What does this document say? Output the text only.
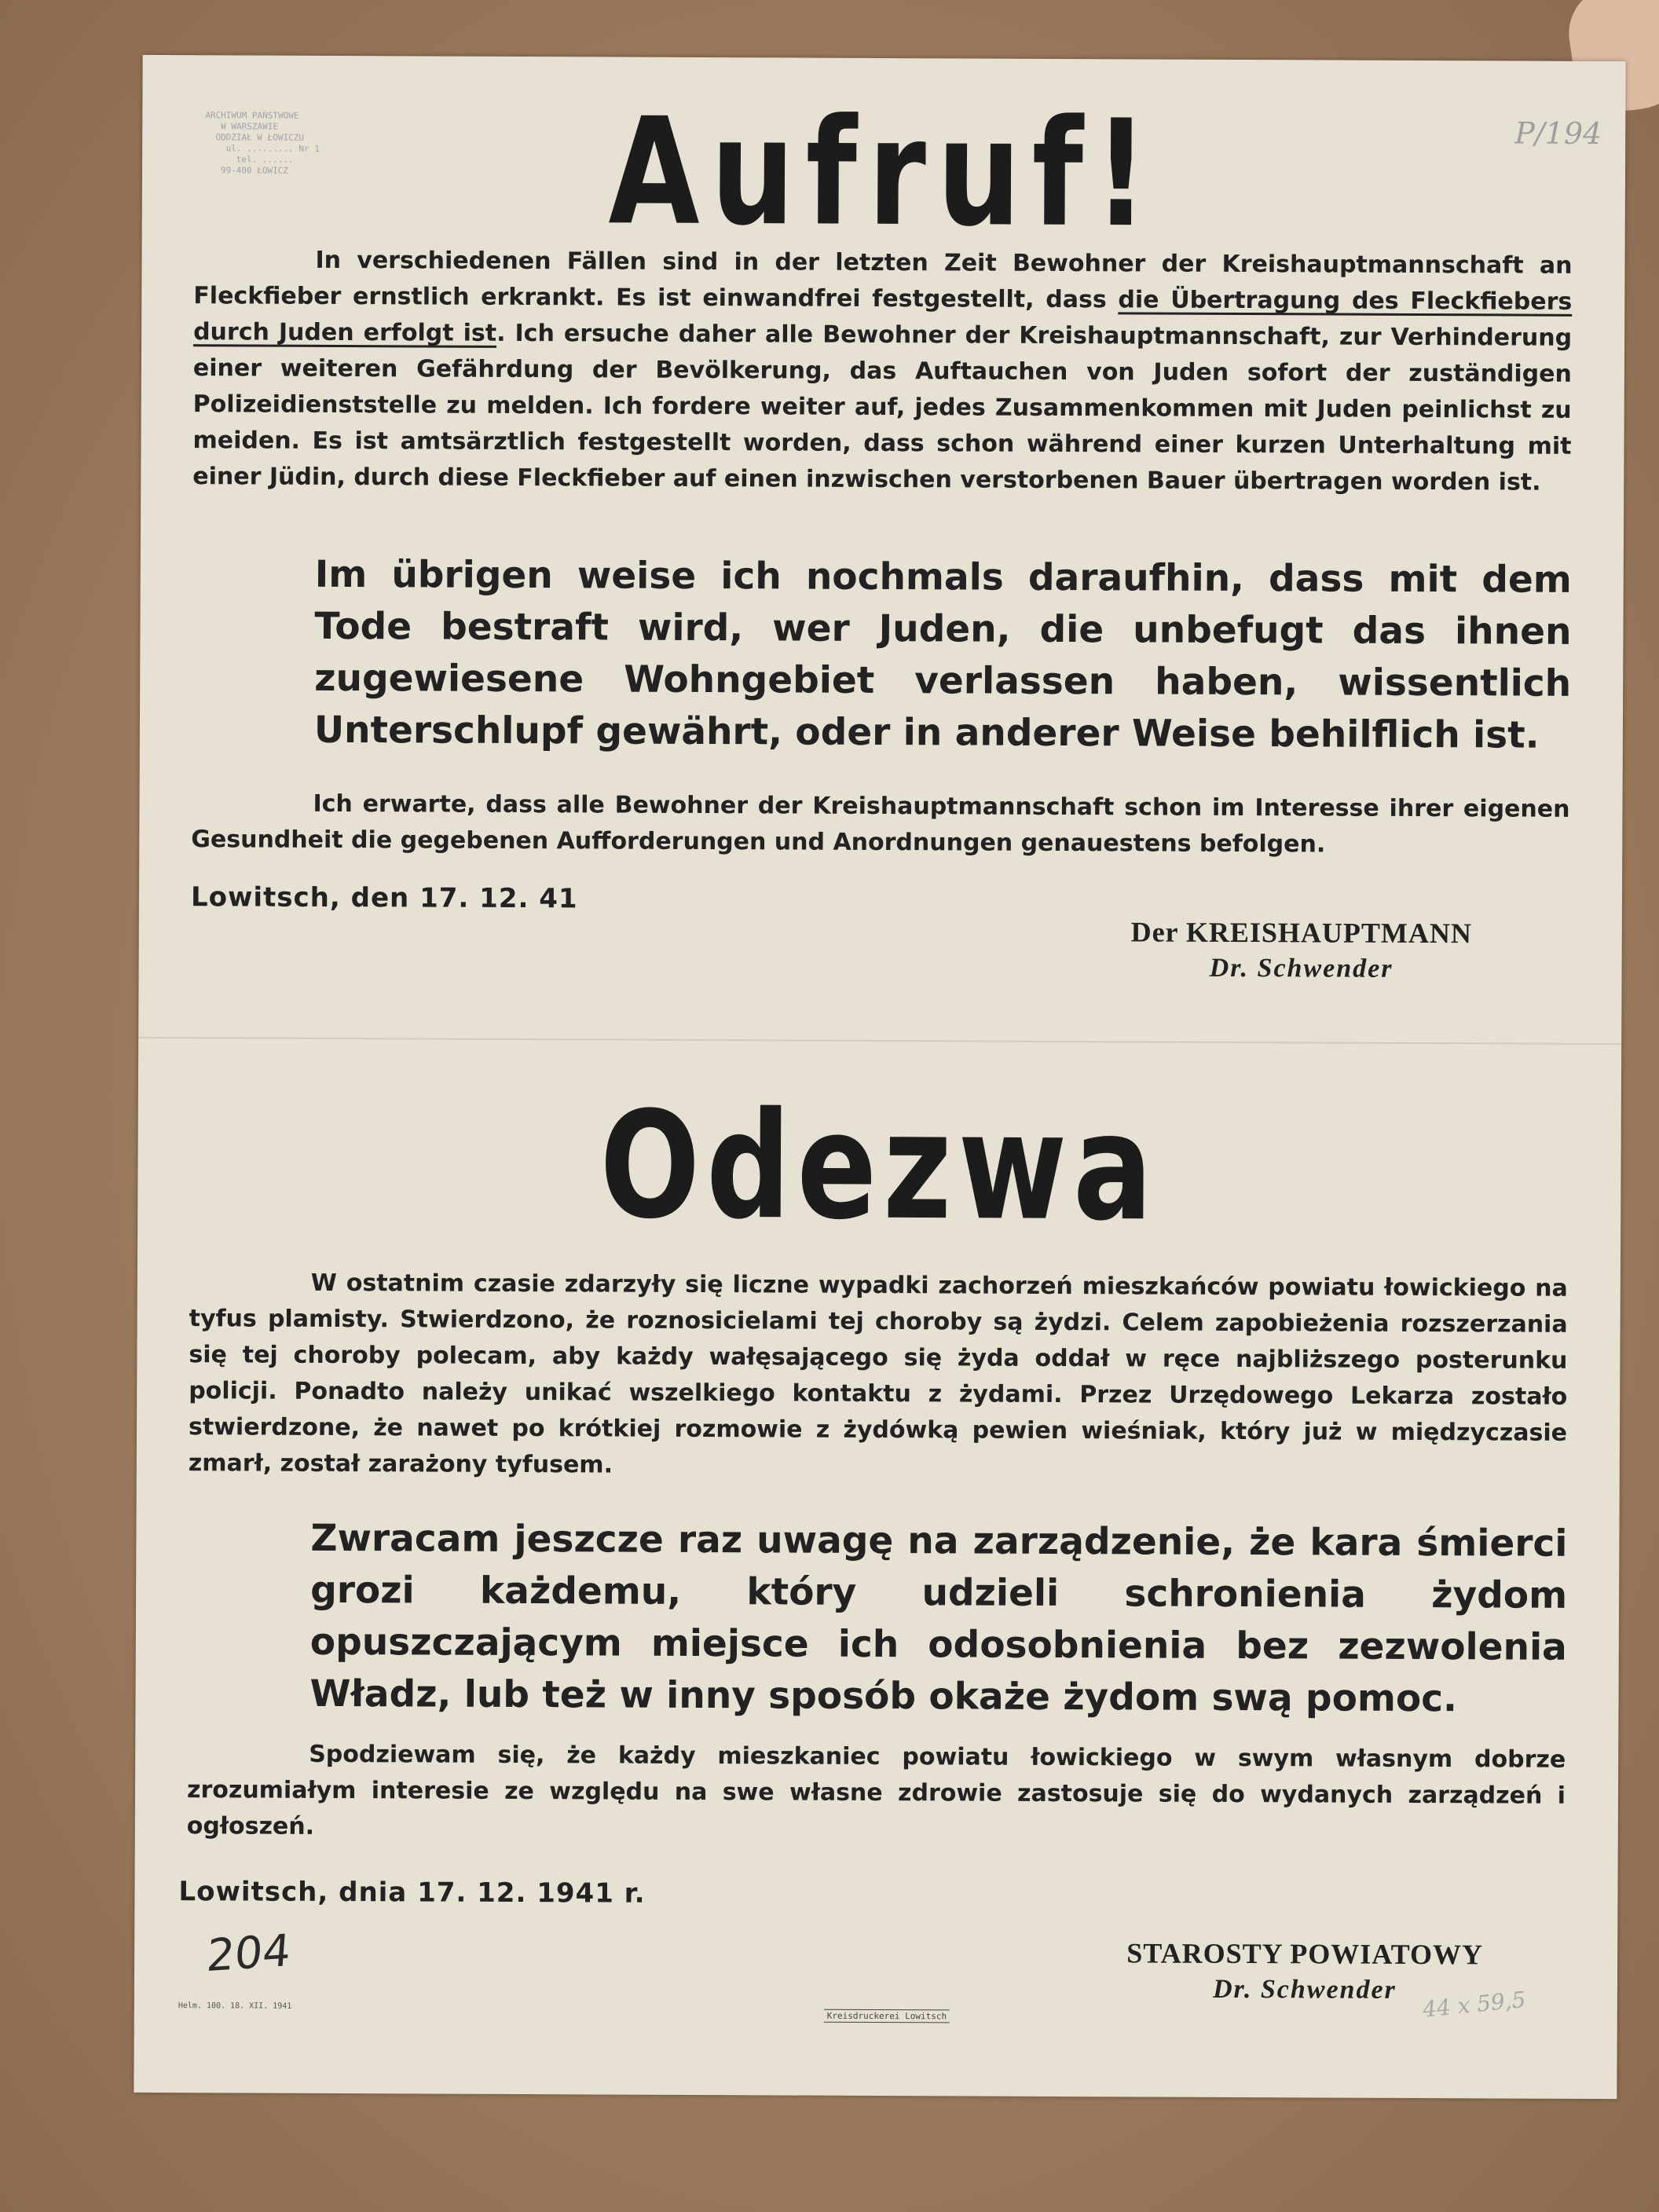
ARCHIWUM PAŃSTWOWE
W WARSZAWIE
ODDZIAŁ W ŁOWICZU
ul. ......... Nr 1
tel. ......
99-400 ŁOWICZ
P/194
Aufruf!

In verschiedenen Fällen sind in der letzten Zeit Bewohner der Kreishauptmannschaft an Fleckfieber ernstlich erkrankt. Es ist einwandfrei festgestellt, dass die Übertragung des Fleckfiebers durch Juden erfolgt ist. Ich ersuche daher alle Bewohner der Kreishauptmannschaft, zur Verhinderung einer weiteren Gefährdung der Bevölkerung, das Auftauchen von Juden sofort der zuständigen Polizeidienststelle zu melden. Ich fordere weiter auf, jedes Zusammenkommen mit Juden peinlichst zu meiden. Es ist amtsärztlich festgestellt worden, dass schon während einer kurzen Unterhaltung mit einer Jüdin, durch diese Fleckfieber auf einen inzwischen verstorbenen Bauer übertragen worden ist.

Im übrigen weise ich nochmals daraufhin, dass mit dem Tode bestraft wird, wer Juden, die unbefugt das ihnen zugewiesene Wohngebiet verlassen haben, wissentlich Unterschlupf gewährt, oder in anderer Weise behilflich ist.

Ich erwarte, dass alle Bewohner der Kreishauptmannschaft schon im Interesse ihrer eigenen Gesundheit die gegebenen Aufforderungen und Anordnungen genauestens befolgen.

Lowitsch, den 17. 12. 41
Der KREISHAUPTMANN
Dr. Schwender
Odezwa

W ostatnim czasie zdarzyły się liczne wypadki zachorzeń mieszkańców powiatu łowickiego na tyfus plamisty. Stwierdzono, że roznosicielami tej choroby są żydzi. Celem zapobieżenia rozszerzania się tej choroby polecam, aby każdy wałęsającego się żyda oddał w ręce najbliższego posterunku policji. Ponadto należy unikać wszelkiego kontaktu z żydami. Przez Urzędowego Lekarza zostało stwierdzone, że nawet po krótkiej rozmowie z żydówką pewien wieśniak, który już w międzyczasie zmarł, został zarażony tyfusem.

Zwracam jeszcze raz uwagę na zarządzenie, że kara śmierci grozi każdemu, który udzieli schronienia żydom opuszczającym miejsce ich odosobnienia bez zezwolenia Władz, lub też w inny sposób okaże żydom swą pomoc.

Spodziewam się, że każdy mieszkaniec powiatu łowickiego w swym własnym dobrze zrozumiałym interesie ze względu na swe własne zdrowie zastosuje się do wydanych zarządzeń i ogłoszeń.

Lowitsch, dnia 17. 12. 1941 r.
STAROSTY POWIATOWY
Dr. Schwender
204
Helm. 100. 18. XII. 1941
Kreisdruckerei Lowitsch	44 x 59,5
